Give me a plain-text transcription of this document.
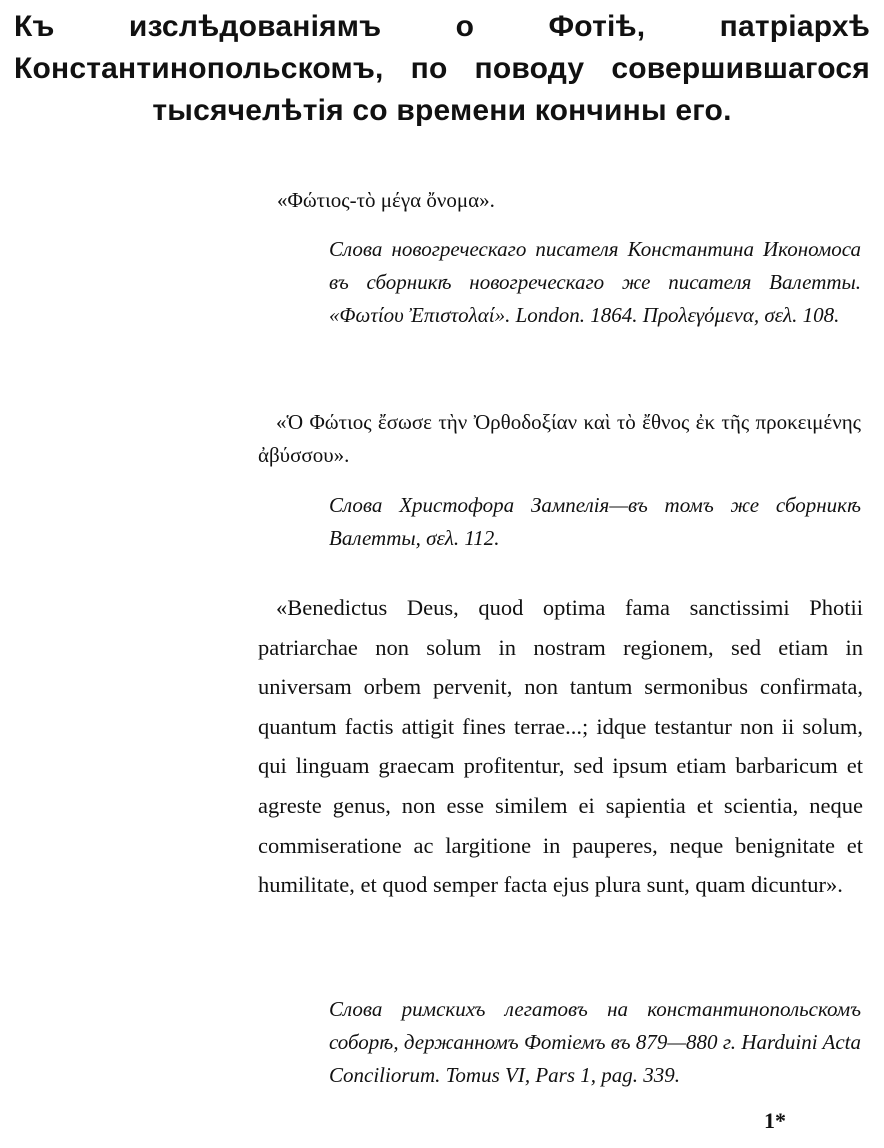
Къ изслѣдованіямъ о Фотіѣ, патріархѣ Константинопольскомъ, по поводу совершившагося тысячелѣтія со времени кончины его.
«Φώτιος-τὸ μέγα ὄνομα».
Слова новогреческаго писателя Константина Икономоса въ сборникѣ новогреческаго же писателя Валетты. «Φωτίου Ἐπιστολαί». London. 1864. Προλεγόμενα, σελ. 108.
«Ὁ Φώτιος ἔσωσε τὴν Ὀρθοδοξίαν καὶ τὸ ἔθνος ἐκ τῆς προκειμένης ἀβύσσου».
Слова Христофора Зампелія—въ томъ же сборникѣ Валетты, σελ. 112.
«Benedictus Deus, quod optima fama sanctissimi Photii patriarchae non solum in nostram regionem, sed etiam in universam orbem pervenit, non tantum sermonibus confirmata, quantum factis attigit fines terrae...; idque testantur non ii solum, qui linguam graecam profitentur, sed ipsum etiam barbaricum et agreste genus, non esse similem ei sapientia et scientia, neque commiseratione ac largitione in pauperes, neque benignitate et humilitate, et quod semper facta ejus plura sunt, quam dicuntur».
Слова римскихъ легатовъ на константинопольскомъ соборѣ, держанномъ Фотіемъ въ 879—880 г. Harduini Acta Conciliorum. Tomus VI, Pars 1, pag. 339.
1*
